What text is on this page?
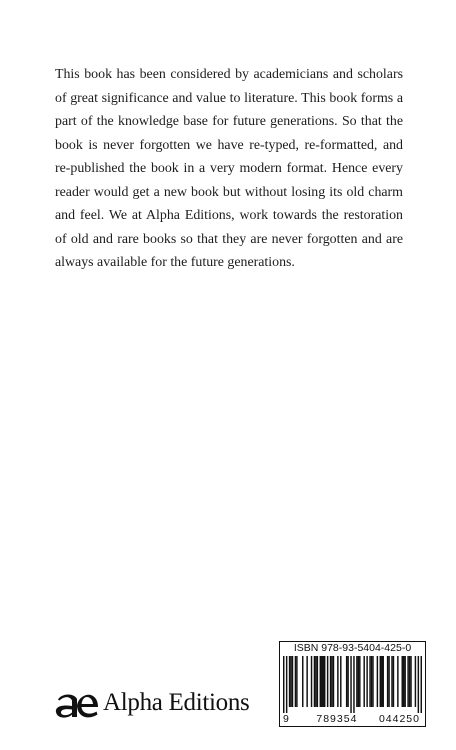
This book has been considered by academicians and scholars of great significance and value to literature. This book forms a part of the knowledge base for future generations. So that the book is never forgotten we have re-typed, re-formatted, and re-published the book in a very modern format. Hence every reader would get a new book but without losing its old charm and feel. We at Alpha Editions, work towards the restoration of old and rare books so that they are never forgotten and are always available for the future generations.

Alpha Editions
ISBN 978-93-5404-425-0
9	789354 044250
